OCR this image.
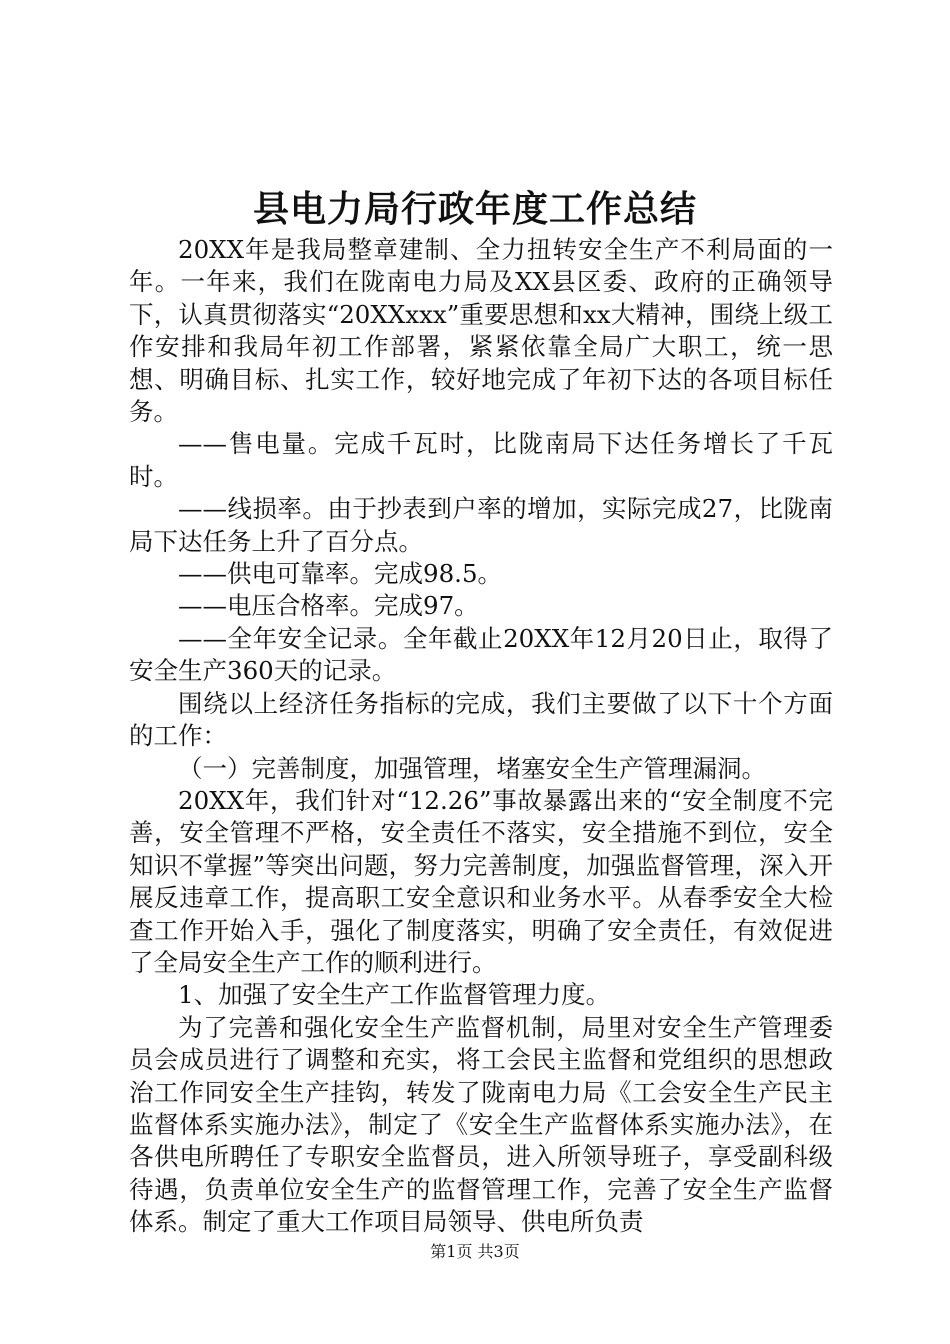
县电力局行政年度工作总结

20XX年是我局整章建制、全力扭转安全生产不利局面的一年。一年来，我们在陇南电力局及XX县区委、政府的正确领导下，认真贯彻落实“20XXxxx”重要思想和xx大精神，围绕上级工作安排和我局年初工作部署，紧紧依靠全局广大职工，统一思想、明确目标、扎实工作，较好地完成了年初下达的各项目标任务。

——售电量。完成千瓦时，比陇南局下达任务增长了千瓦时。

——线损率。由于抄表到户率的增加，实际完成27，比陇南局下达任务上升了百分点。

——供电可靠率。完成98.5。

——电压合格率。完成97。

——全年安全记录。全年截止20XX年12月20日止，取得了安全生产360天的记录。

围绕以上经济任务指标的完成，我们主要做了以下十个方面的工作：

（一）完善制度，加强管理，堵塞安全生产管理漏洞。

20XX年，我们针对“12.26”事故暴露出来的“安全制度不完善，安全管理不严格，安全责任不落实，安全措施不到位，安全知识不掌握”等突出问题，努力完善制度，加强监督管理，深入开展反违章工作，提高职工安全意识和业务水平。从春季安全大检查工作开始入手，强化了制度落实，明确了安全责任，有效促进了全局安全生产工作的顺利进行。

1、加强了安全生产工作监督管理力度。

为了完善和强化安全生产监督机制，局里对安全生产管理委员会成员进行了调整和充实，将工会民主监督和党组织的思想政治工作同安全生产挂钩，转发了陇南电力局《工会安全生产民主监督体系实施办法》，制定了《安全生产监督体系实施办法》，在各供电所聘任了专职安全监督员，进入所领导班子，享受副科级待遇，负责单位安全生产的监督管理工作，完善了安全生产监督体系。制定了重大工作项目局领导、供电所负责

第1页 共3页
